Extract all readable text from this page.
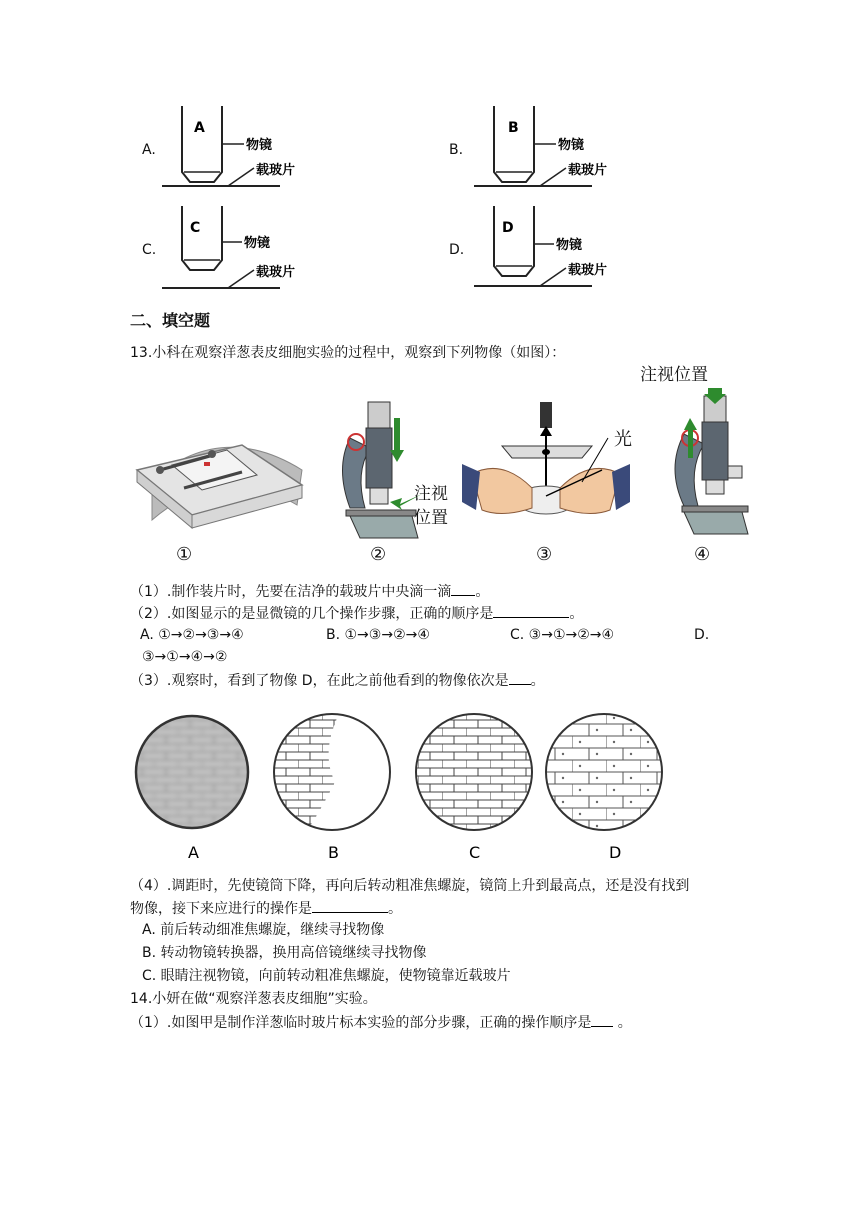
A.
A
物镜
载玻片
B.
B
物镜
载玻片
C.
C
物镜
载玻片
D.
D
物镜
载玻片
二、填空题
13.小科在观察洋葱表皮细胞实验的过程中，观察到下列物像（如图）：
①
注视
位置
②
光
③
注视位置
④
（1）.制作装片时，先要在洁净的载玻片中央滴一滴 。
（2）.如图显示的是显微镜的几个操作步骤，正确的顺序是	。
A. ①→②→③→④	B. ①→③→②→④	C. ③→①→②→④	D.
③→①→④→②
（3）.观察时，看到了物像 D，在此之前他看到的物像依次是 。
A	B	C	D
（4）.调距时，先使镜筒下降，再向后转动粗准焦螺旋，镜筒上升到最高点，还是没有找到
物像，接下来应进行的操作是	。
A. 前后转动细准焦螺旋，继续寻找物像
B. 转动物镜转换器，换用高倍镜继续寻找物像
C. 眼睛注视物镜，向前转动粗准焦螺旋，使物镜靠近载玻片
14.小妍在做“观察洋葱表皮细胞”实验。
（1）.如图甲是制作洋葱临时玻片标本实验的部分步骤，正确的操作顺序是 。
